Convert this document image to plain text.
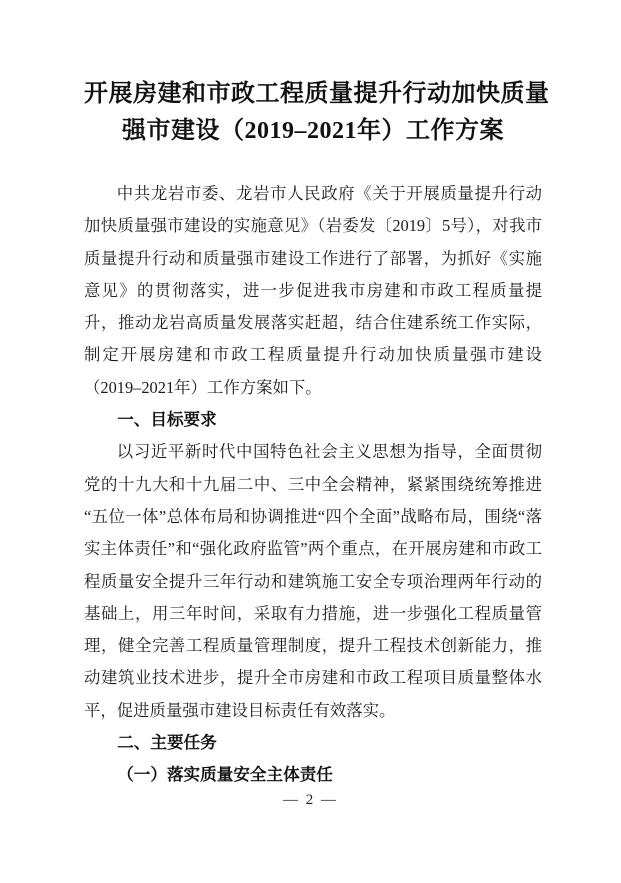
开展房建和市政工程质量提升行动加快质量
强市建设（2019–2021年）工作方案

中共龙岩市委、龙岩市人民政府《关于开展质量提升行动加快质量强市建设的实施意见》（岩委发〔2019〕5号），对我市质量提升行动和质量强市建设工作进行了部署，为抓好《实施意见》的贯彻落实，进一步促进我市房建和市政工程质量提升，推动龙岩高质量发展落实赶超，结合住建系统工作实际，制定开展房建和市政工程质量提升行动加快质量强市建设（2019–2021年）工作方案如下。

一、目标要求

以习近平新时代中国特色社会主义思想为指导，全面贯彻党的十九大和十九届二中、三中全会精神，紧紧围绕统筹推进“五位一体”总体布局和协调推进“四个全面”战略布局，围绕“落实主体责任”和“强化政府监管”两个重点，在开展房建和市政工程质量安全提升三年行动和建筑施工安全专项治理两年行动的基础上，用三年时间，采取有力措施，进一步强化工程质量管理，健全完善工程质量管理制度，提升工程技术创新能力，推动建筑业技术进步，提升全市房建和市政工程项目质量整体水平，促进质量强市建设目标责任有效落实。

二、主要任务
（一）落实质量安全主体责任
— 2 —
